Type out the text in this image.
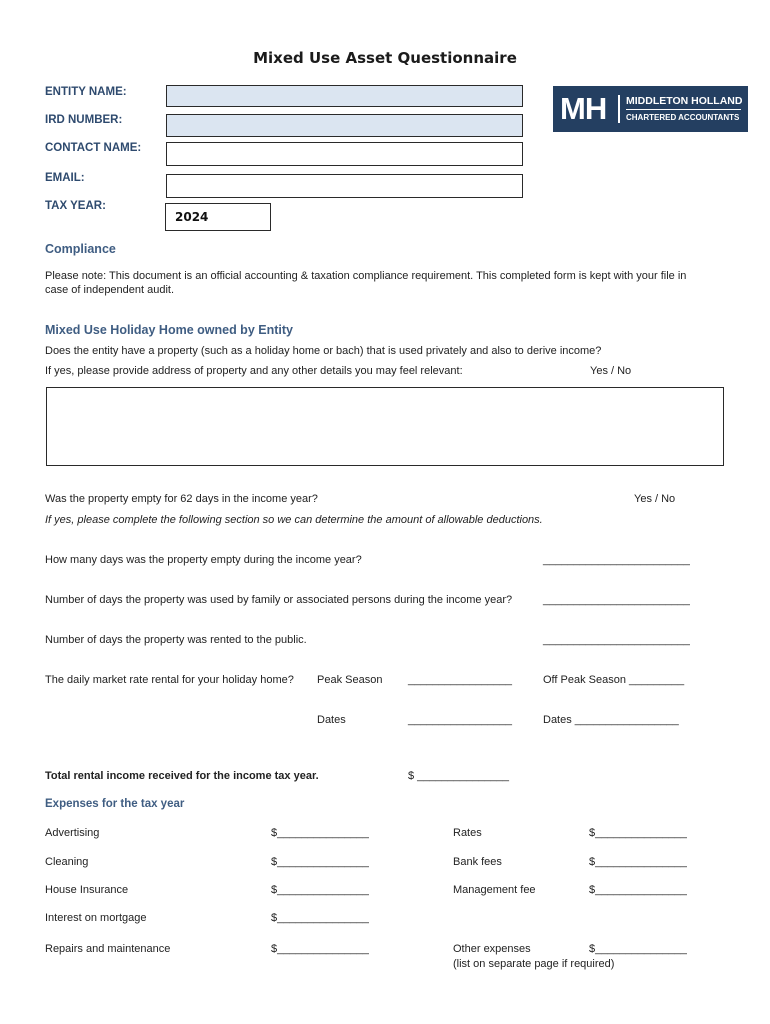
Mixed Use Asset Questionnaire
ENTITY NAME:
IRD NUMBER:
CONTACT NAME:
EMAIL:
TAX YEAR:
2024
MH MIDDLETON HOLLAND
CHARTERED ACCOUNTANTS
Compliance
Please note: This document is an official accounting & taxation compliance requirement. This completed form is kept with your file in
case of independent audit.
Mixed Use Holiday Home owned by Entity
Does the entity have a property (such as a holiday home or bach) that is used privately and also to derive income?
If yes, please provide address of property and any other details you may feel relevant:	Yes / No
Was the property empty for 62 days in the income year?	Yes / No
If yes, please complete the following section so we can determine the amount of allowable deductions.
How many days was the property empty during the income year?	________________________
Number of days the property was used by family or associated persons during the income year?	________________________
Number of days the property was rented to the public.	________________________
The daily market rate rental for your holiday home? Peak Season _________________	Off Peak Season _________
Dates	_________________	Dates _________________
Total rental income received for the income tax year.	$ _______________
Expenses for the tax year
Advertising	$_______________	Rates	$_______________
Cleaning	$_______________	Bank fees	$_______________
House Insurance	$_______________	Management fee	$_______________
Interest on mortgage	$_______________
Repairs and maintenance	$_______________	Other expenses	$_______________
(list on separate page if required)
